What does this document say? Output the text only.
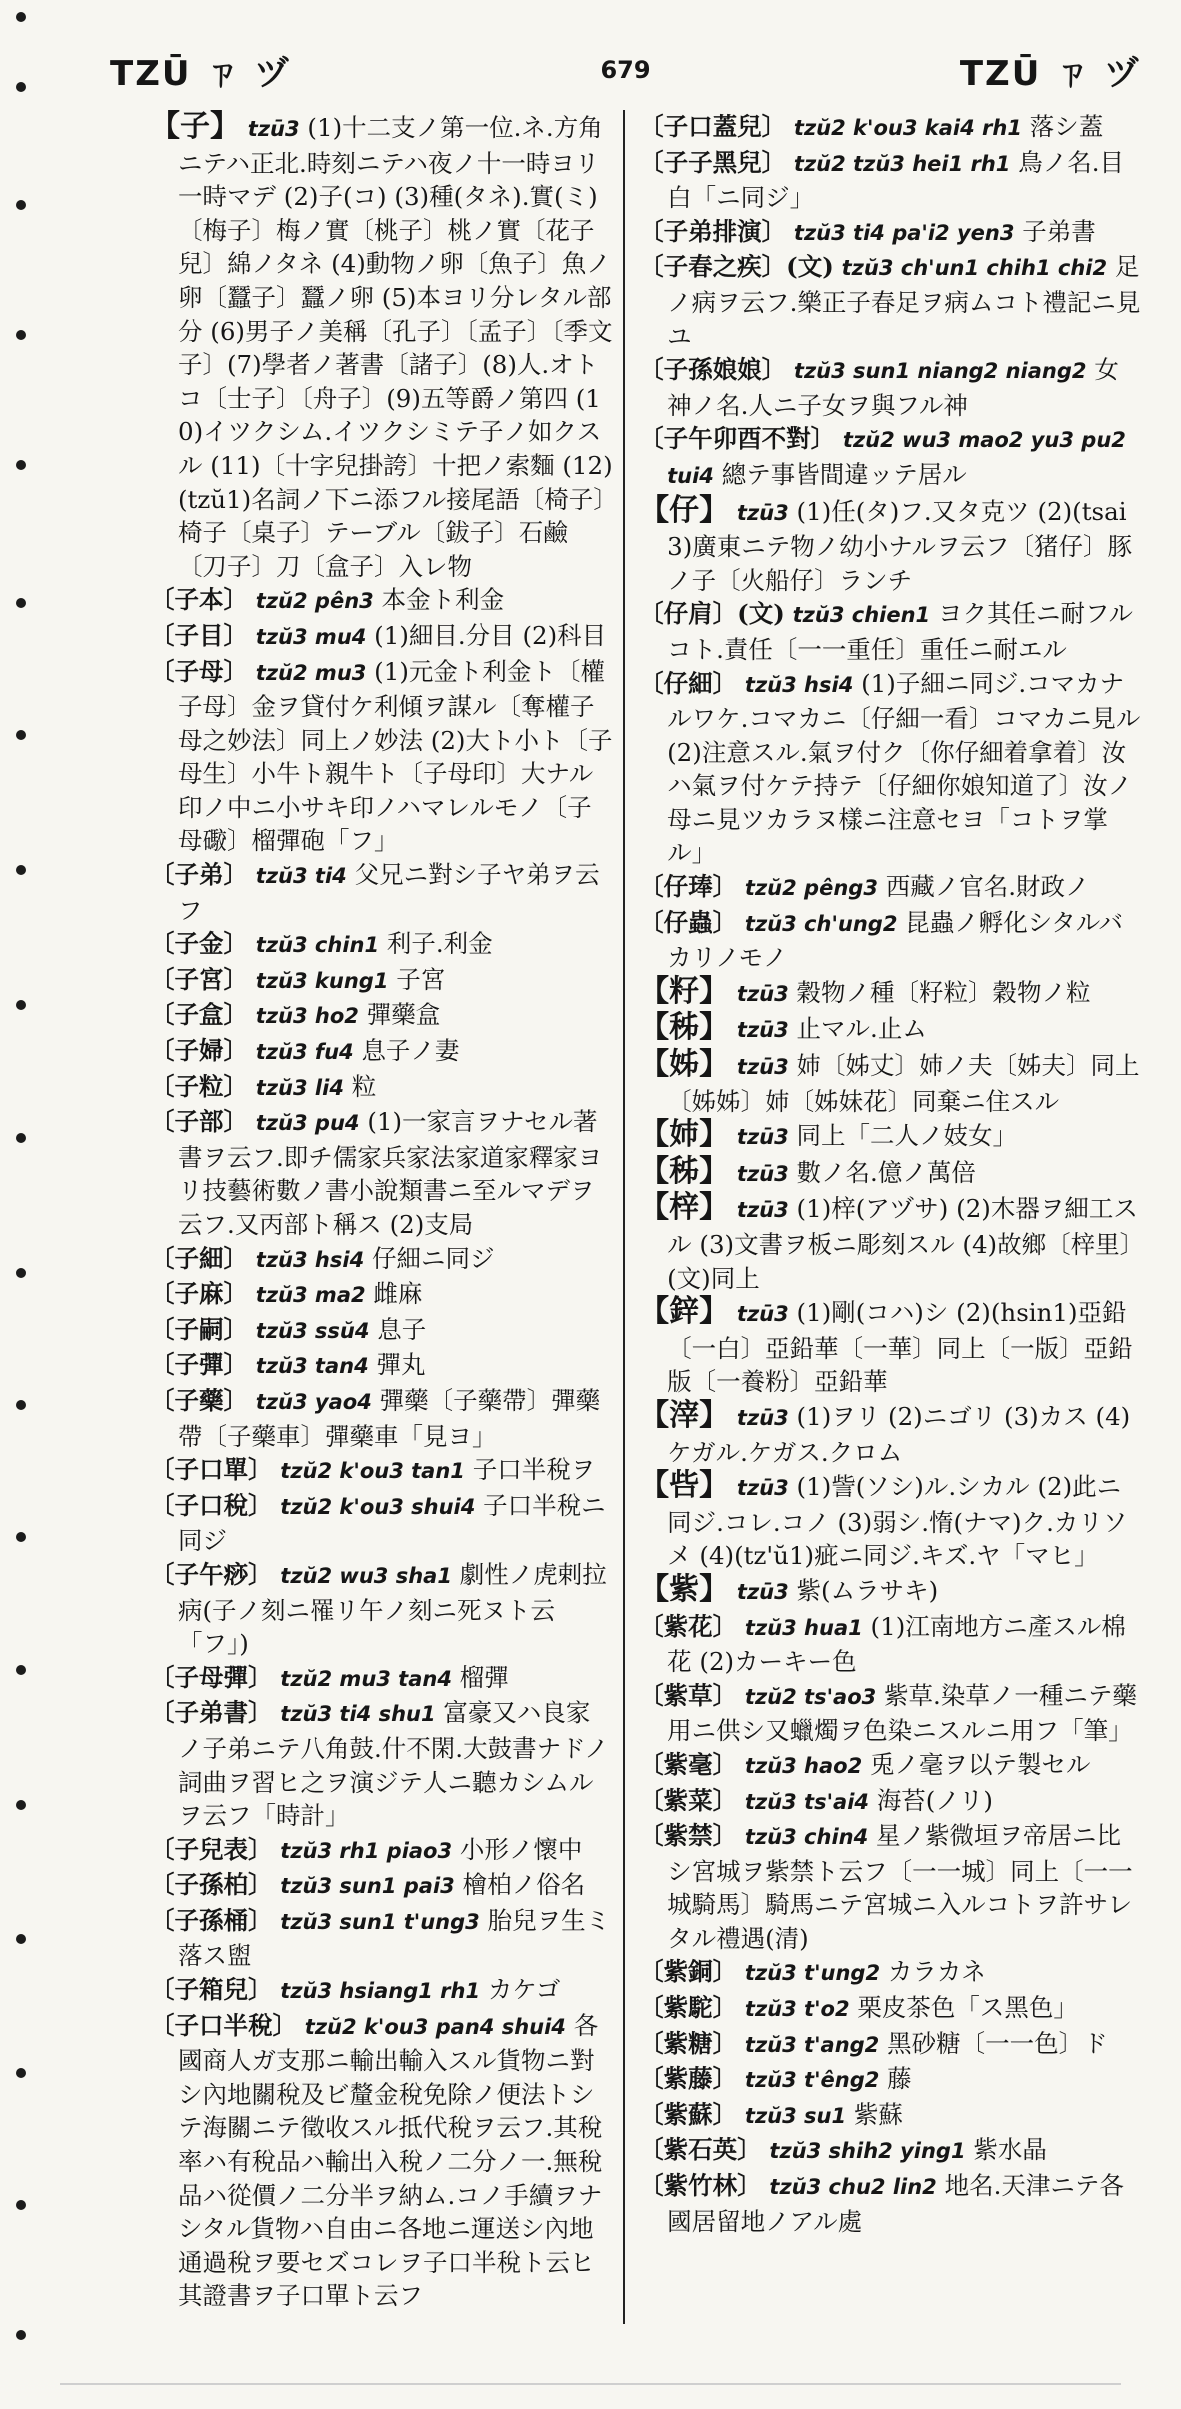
TZŪ ㄗ ヅ	679	TZŪ ㄗ ヅ

【子】 tzū3 (1)十二支ノ第一位.ネ.方角ニテハ正北.時刻ニテハ夜ノ十一時ヨリ一時マデ (2)子(コ) (3)種(タネ).實(ミ)〔梅子〕梅ノ實〔桃子〕桃ノ實〔花子兒〕綿ノタネ (4)動物ノ卵〔魚子〕魚ノ卵〔蠶子〕蠶ノ卵 (5)本ヨリ分レタル部分 (6)男子ノ美稱〔孔子〕〔孟子〕〔季文子〕(7)學者ノ著書〔諸子〕(8)人.オトコ〔士子〕〔舟子〕(9)五等爵ノ第四 (10)イツクシム.イツクシミテ子ノ如クスル (11)〔十字兒掛誇〕十把ノ索麵 (12)(tzŭ1)名詞ノ下ニ添フル接尾語〔椅子〕椅子〔桌子〕テーブル〔鈸子〕石鹼〔刀子〕刀〔盒子〕入レ物

〔子本〕 tzŭ2 pên3 本金ト利金

〔子目〕 tzŭ3 mu4 (1)細目.分目 (2)科目

〔子母〕 tzŭ2 mu3 (1)元金ト利金ト〔權子母〕金ヲ貸付ケ利傾ヲ謀ル〔奪權子母之妙法〕同上ノ妙法 (2)大ト小ト〔子母生〕小牛ト親牛ト〔子母印〕大ナル印ノ中ニ小サキ印ノハマレルモノ〔子母礮〕榴彈砲「フ」

〔子弟〕 tzŭ3 ti4 父兄ニ對シ子ヤ弟ヲ云フ

〔子金〕 tzŭ3 chin1 利子.利金

〔子宮〕 tzŭ3 kung1 子宮

〔子盒〕 tzŭ3 ho2 彈藥盒

〔子婦〕 tzŭ3 fu4 息子ノ妻

〔子粒〕 tzŭ3 li4 粒

〔子部〕 tzŭ3 pu4 (1)一家言ヲナセル著書ヲ云フ.即チ儒家兵家法家道家釋家ヨリ技藝術數ノ書小說類書ニ至ルマデヲ云フ.又丙部ト稱ス (2)支局

〔子細〕 tzŭ3 hsi4 仔細ニ同ジ

〔子麻〕 tzŭ3 ma2 雌麻

〔子嗣〕 tzŭ3 ssŭ4 息子

〔子彈〕 tzŭ3 tan4 彈丸

〔子藥〕 tzŭ3 yao4 彈藥〔子藥帶〕彈藥帶〔子藥車〕彈藥車「見ヨ」

〔子口單〕 tzŭ2 k'ou3 tan1 子口半稅ヲ

〔子口稅〕 tzŭ2 k'ou3 shui4 子口半稅ニ同ジ

〔子午痧〕 tzŭ2 wu3 sha1 劇性ノ虎剌拉病(子ノ刻ニ罹リ午ノ刻ニ死ヌト云「フ」)

〔子母彈〕 tzŭ2 mu3 tan4 榴彈

〔子弟書〕 tzŭ3 ti4 shu1 富豪又ハ良家ノ子弟ニテ八角鼓.什不閑.大鼓書ナドノ詞曲ヲ習ヒ之ヲ演ジテ人ニ聽カシムルヲ云フ「時計」

〔子兒表〕 tzŭ3 rh1 piao3 小形ノ懷中

〔子孫柏〕 tzŭ3 sun1 pai3 檜柏ノ俗名

〔子孫桶〕 tzŭ3 sun1 t'ung3 胎兒ヲ生ミ落ス盥

〔子箱兒〕 tzŭ3 hsiang1 rh1 カケゴ

〔子口半稅〕 tzŭ2 k'ou3 pan4 shui4 各國商人ガ支那ニ輸出輸入スル貨物ニ對シ內地關稅及ビ釐金稅免除ノ便法トシテ海關ニテ徵收スル抵代稅ヲ云フ.其稅率ハ有稅品ハ輸出入稅ノ二分ノ一.無稅品ハ從價ノ二分半ヲ納ム.コノ手續ヲナシタル貨物ハ自由ニ各地ニ運送シ內地通過稅ヲ要セズコレヲ子口半稅ト云ヒ其證書ヲ子口單ト云フ

〔子口蓋兒〕 tzŭ2 k'ou3 kai4 rh1 落シ蓋

〔子子黑兒〕 tzŭ2 tzŭ3 hei1 rh1 鳥ノ名.目白「ニ同ジ」

〔子弟排演〕 tzŭ3 ti4 pa'i2 yen3 子弟書

〔子春之疾〕(文) tzŭ3 ch'un1 chih1 chi2 足ノ病ヲ云フ.樂正子春足ヲ病ムコト禮記ニ見ユ

〔子孫娘娘〕 tzŭ3 sun1 niang2 niang2 女神ノ名.人ニ子女ヲ與フル神

〔子午卯酉不對〕 tzŭ2 wu3 mao2 yu3 pu2 tui4 總テ事皆間違ッテ居ル

【仔】 tzū3 (1)任(タ)フ.又タ克ツ (2)(tsai3)廣東ニテ物ノ幼小ナルヲ云フ〔猪仔〕豚ノ子〔火船仔〕ランチ

〔仔肩〕(文) tzŭ3 chien1 ヨク其任ニ耐フルコト.責任〔一一重任〕重任ニ耐エル

〔仔細〕 tzŭ3 hsi4 (1)子細ニ同ジ.コマカナルワケ.コマカニ〔仔細一看〕コマカニ見ル (2)注意スル.氣ヲ付ク〔你仔細着拿着〕汝ハ氣ヲ付ケテ持テ〔仔細你娘知道了〕汝ノ母ニ見ツカラヌ樣ニ注意セヨ「コトヲ掌ル」

〔仔琫〕 tzŭ2 pêng3 西藏ノ官名.財政ノ

〔仔蟲〕 tzŭ3 ch'ung2 昆蟲ノ孵化シタルバカリノモノ

【籽】 tzū3 穀物ノ種〔籽粒〕穀物ノ粒

【秭】 tzū3 止マル.止ム

【姊】 tzū3 姉〔姊丈〕姉ノ夫〔姊夫〕同上〔姊姊〕姉〔姊妹花〕同棄ニ住スル

【姉】 tzū3 同上「二人ノ妓女」

【秭】 tzū3 數ノ名.億ノ萬倍

【梓】 tzū3 (1)梓(アヅサ) (2)木器ヲ細工スル (3)文書ヲ板ニ彫刻スル (4)故鄉〔梓里〕(文)同上

【鋅】 tzū3 (1)剛(コハ)シ (2)(hsin1)亞鉛〔一白〕亞鉛華〔一華〕同上〔一版〕亞鉛版〔一養粉〕亞鉛華

【滓】 tzū3 (1)ヲリ (2)ニゴリ (3)カス (4)ケガル.ケガス.クロム

【呰】 tzū3 (1)訾(ソシ)ル.シカル (2)此ニ同ジ.コレ.コノ (3)弱シ.惰(ナマ)ク.カリソメ (4)(tz'ŭ1)疵ニ同ジ.キズ.ヤ「マヒ」

【紫】 tzū3 紫(ムラサキ)

〔紫花〕 tzŭ3 hua1 (1)江南地方ニ產スル棉花 (2)カーキー色

〔紫草〕 tzŭ2 ts'ao3 紫草.染草ノ一種ニテ藥用ニ供シ又蠟燭ヲ色染ニスルニ用フ「筆」

〔紫毫〕 tzŭ3 hao2 兎ノ毫ヲ以テ製セル

〔紫菜〕 tzŭ3 ts'ai4 海苔(ノリ)

〔紫禁〕 tzŭ3 chin4 星ノ紫微垣ヲ帝居ニ比シ宮城ヲ紫禁ト云フ〔一一城〕同上〔一一城騎馬〕騎馬ニテ宮城ニ入ルコトヲ許サレタル禮遇(清)

〔紫銅〕 tzŭ3 t'ung2 カラカネ

〔紫駝〕 tzŭ3 t'o2 栗皮茶色「ス黑色」

〔紫糖〕 tzŭ3 t'ang2 黑砂糖〔一一色〕ド

〔紫藤〕 tzŭ3 t'êng2 藤

〔紫蘇〕 tzŭ3 su1 紫蘇

〔紫石英〕 tzŭ3 shih2 ying1 紫水晶

〔紫竹林〕 tzŭ3 chu2 lin2 地名.天津ニテ各國居留地ノアル處
